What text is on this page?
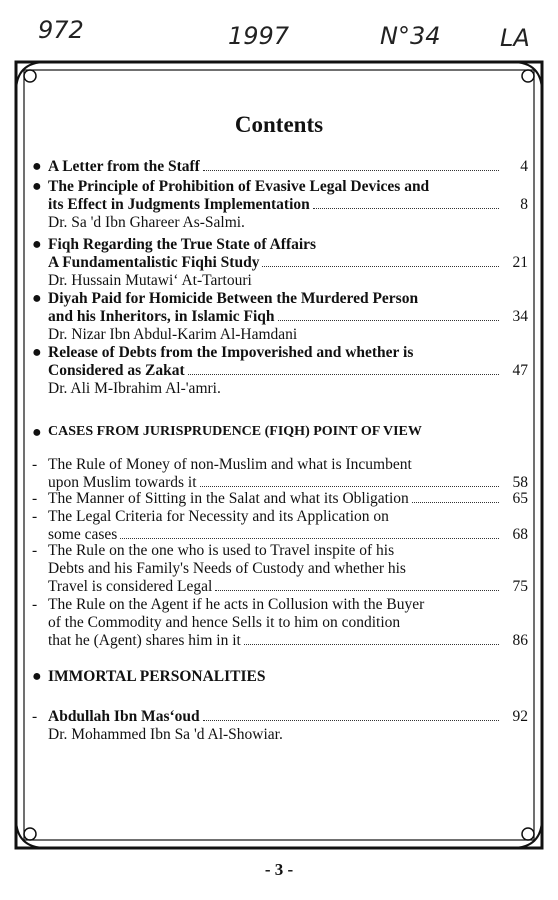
972	1997	N°34 LA
Contents
● A Letter from the Staff	4
● The Principle of Prohibition of Evasive Legal Devices and
its Effect in Judgments Implementation	8
Dr. Sa 'd Ibn Ghareer As-Salmi.
● Fiqh Regarding the True State of Affairs
A Fundamentalistic Fiqhi Study	21
Dr. Hussain Mutawi‘ At-Tartouri
● Diyah Paid for Homicide Between the Murdered Person
and his Inheritors, in Islamic Fiqh	34
Dr. Nizar Ibn Abdul-Karim Al-Hamdani
● Release of Debts from the Impoverished and whether is
Considered as Zakat	47
Dr. Ali M-Ibrahim Al-'amri.
● CASES FROM JURISPRUDENCE (FIQH) POINT OF VIEW
- The Rule of Money of non-Muslim and what is Incumbent
upon Muslim towards it	58
- The Manner of Sitting in the Salat and what its Obligation	65
- The Legal Criteria for Necessity and its Application on
some cases	68
- The Rule on the one who is used to Travel inspite of his
Debts and his Family's Needs of Custody and whether his
Travel is considered Legal	75
- The Rule on the Agent if he acts in Collusion with the Buyer
of the Commodity and hence Sells it to him on condition
that he (Agent) shares him in it	86
● IMMORTAL PERSONALITIES
- Abdullah Ibn Mas‘oud	92
Dr. Mohammed Ibn Sa 'd Al-Showiar.
- 3 -
